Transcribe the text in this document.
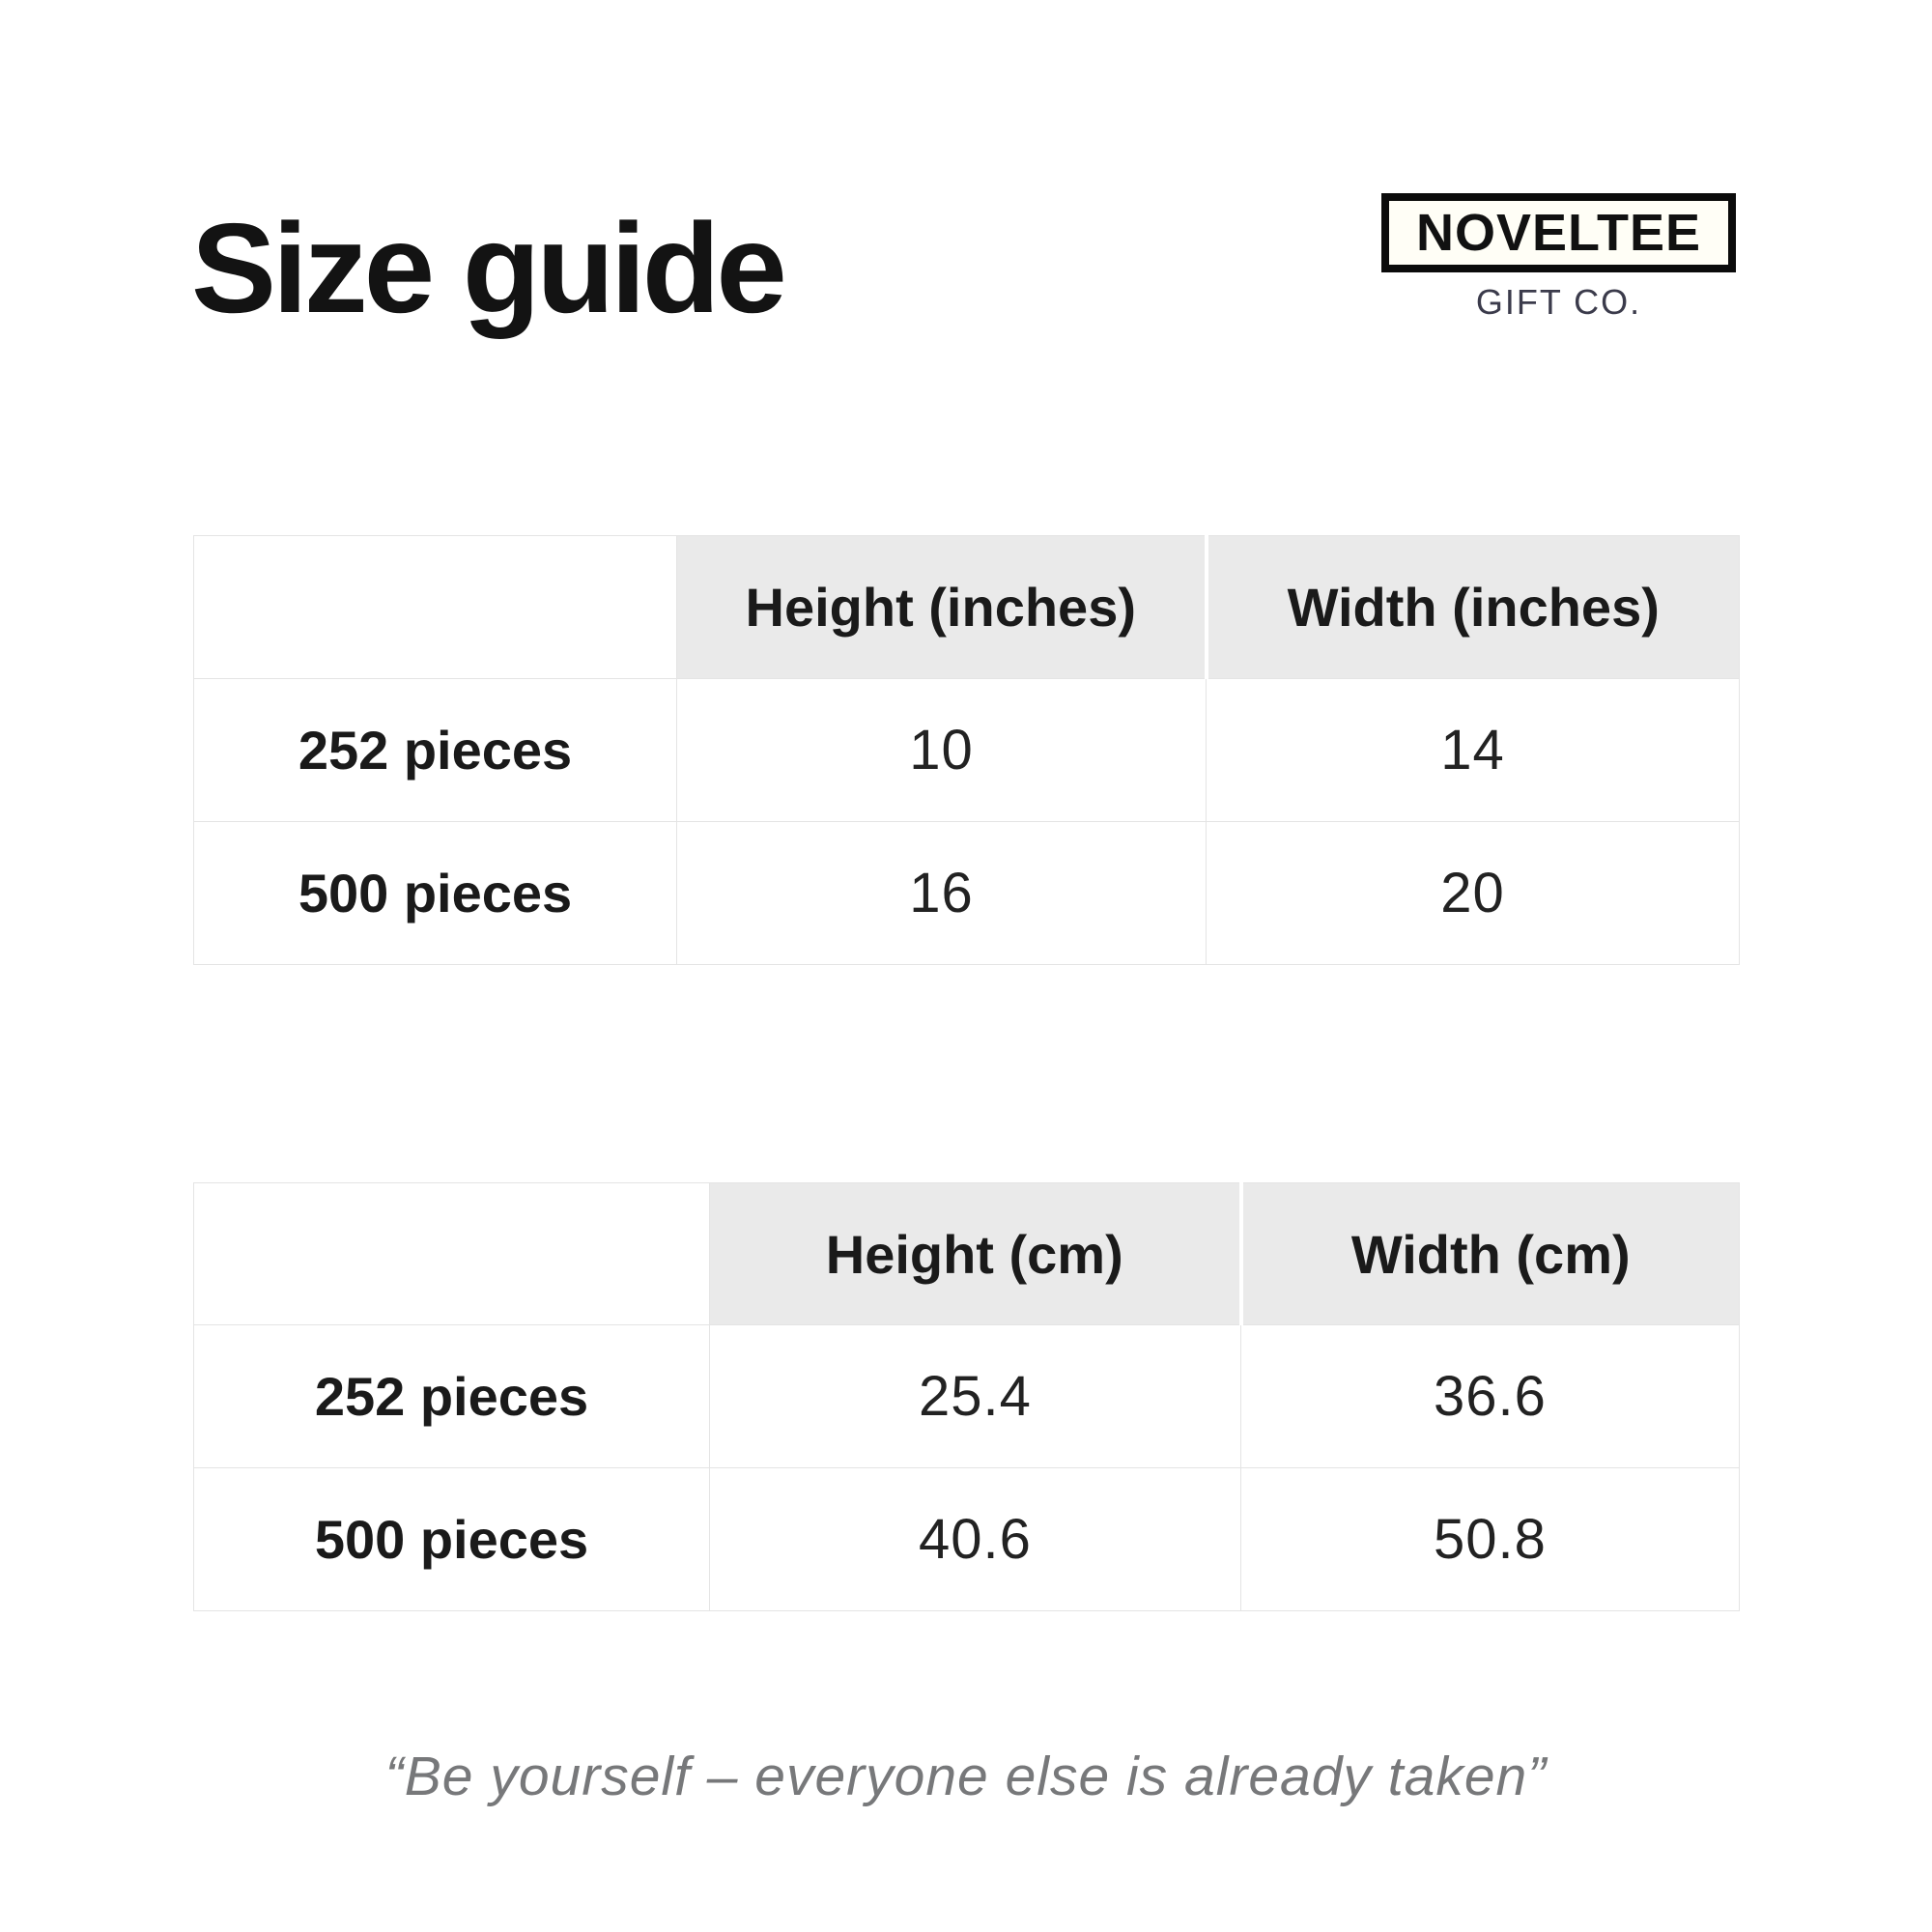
Size guide	NOVELTEE
GIFT CO.
	Height (inches)	Width (inches)
252 pieces	10	14
500 pieces	16	20
	Height (cm)	Width (cm)
252 pieces	25.4	36.6
500 pieces	40.6	50.8
“Be yourself – everyone else is already taken”
